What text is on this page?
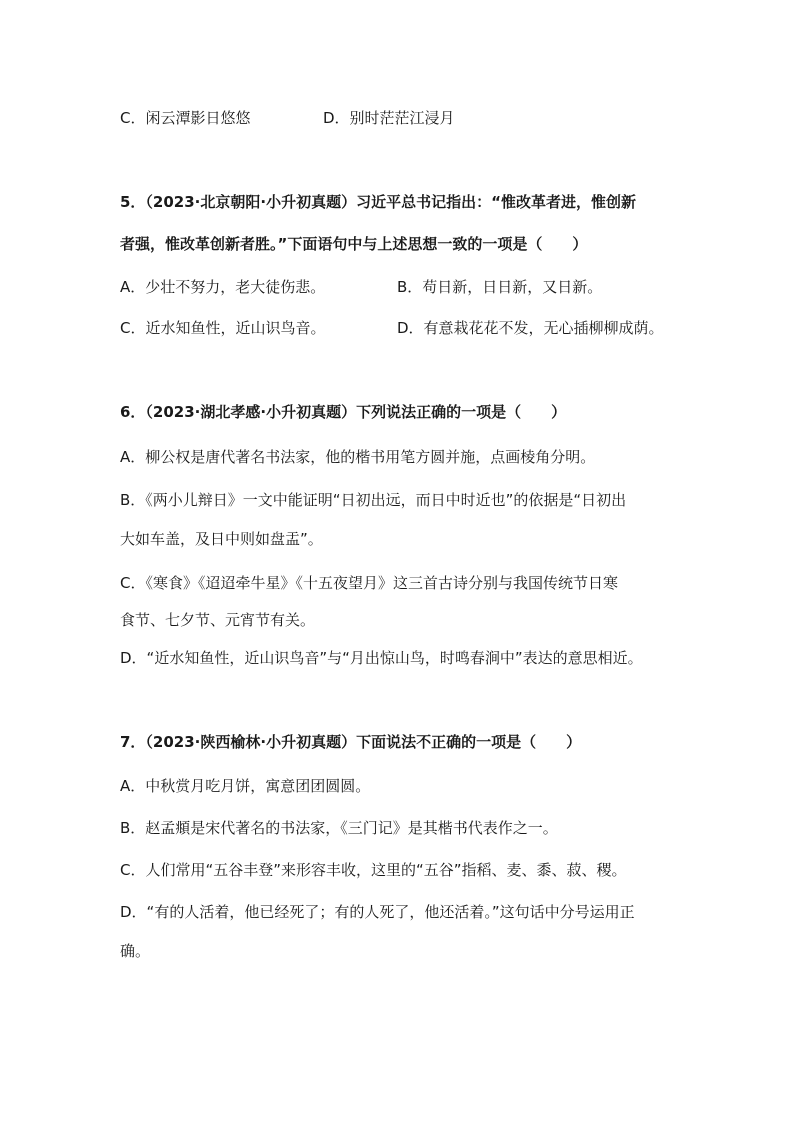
C．闲云潭影日悠悠	D．别时茫茫江浸月
5．（2023·北京朝阳·小升初真题）习近平总书记指出：“惟改革者进，惟创新
者强，惟改革创新者胜。”下面语句中与上述思想一致的一项是（　　）
A．少壮不努力，老大徒伤悲。	B．苟日新，日日新，又日新。
C．近水知鱼性，近山识鸟音。	D．有意栽花花不发，无心插柳柳成荫。
6．（2023·湖北孝感·小升初真题）下列说法正确的一项是（　　）
A．柳公权是唐代著名书法家，他的楷书用笔方圆并施，点画棱角分明。
B．《两小儿辩日》一文中能证明“日初出远，而日中时近也”的依据是“日初出
大如车盖，及日中则如盘盂”。
C．《寒食》《迢迢牵牛星》《十五夜望月》这三首古诗分别与我国传统节日寒
食节、七夕节、元宵节有关。
D．“近水知鱼性，近山识鸟音”与“月出惊山鸟，时鸣春涧中”表达的意思相近。
7．（2023·陕西榆林·小升初真题）下面说法不正确的一项是（　　）
A．中秋赏月吃月饼，寓意团团圆圆。
B．赵孟頫是宋代著名的书法家，《三门记》是其楷书代表作之一。
C．人们常用“五谷丰登”来形容丰收，这里的“五谷”指稻、麦、黍、菽、稷。
D．“有的人活着，他已经死了；有的人死了，他还活着。”这句话中分号运用正
确。
